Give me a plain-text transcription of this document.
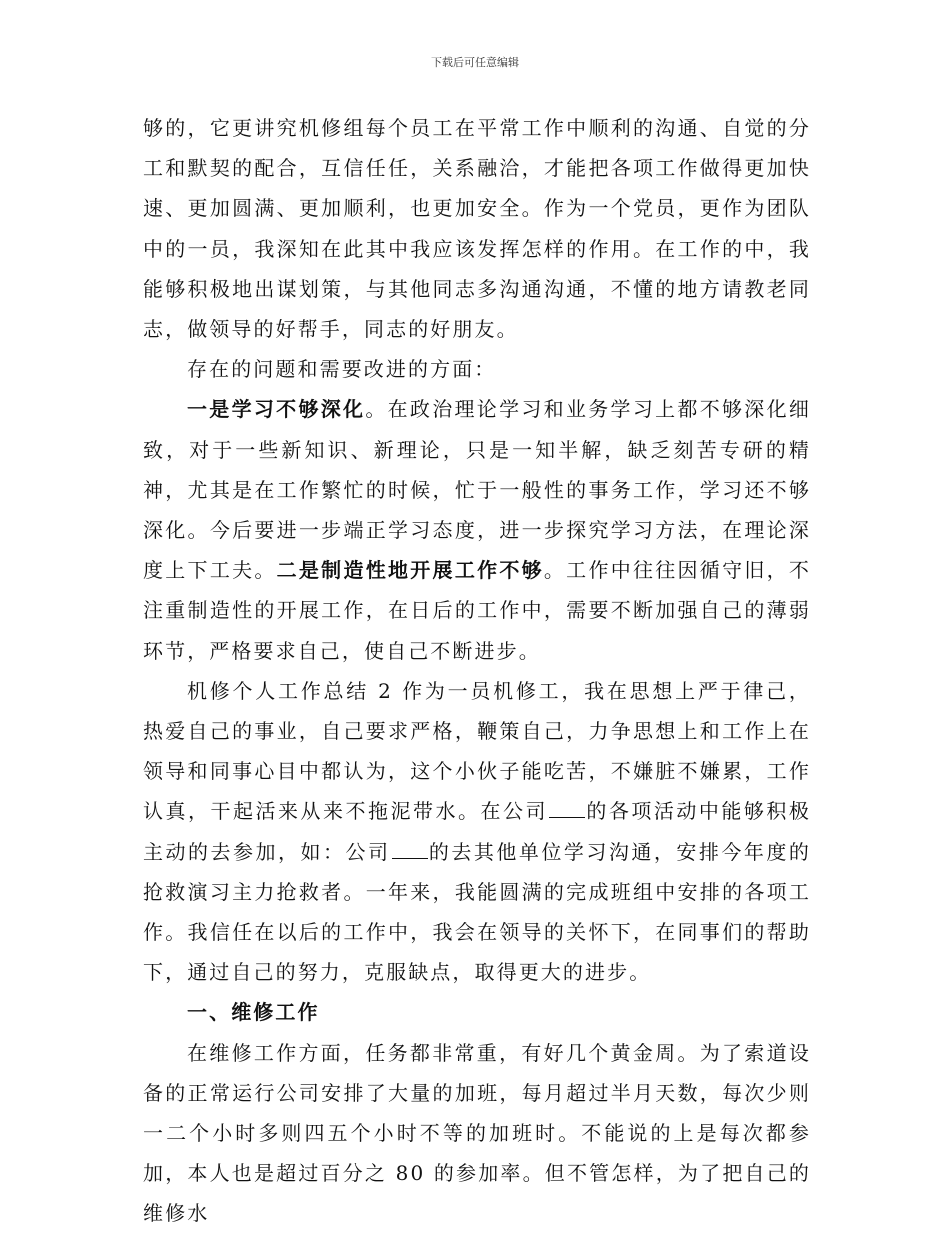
下载后可任意编辑

够的，它更讲究机修组每个员工在平常工作中顺利的沟通、自觉的分工和默契的配合，互信任任，关系融洽，才能把各项工作做得更加快速、更加圆满、更加顺利，也更加安全。作为一个党员，更作为团队中的一员，我深知在此其中我应该发挥怎样的作用。在工作的中，我能够积极地出谋划策，与其他同志多沟通沟通，不懂的地方请教老同志，做领导的好帮手，同志的好朋友。

存在的问题和需要改进的方面：

一是学习不够深化。在政治理论学习和业务学习上都不够深化细致，对于一些新知识、新理论，只是一知半解，缺乏刻苦专研的精神，尤其是在工作繁忙的时候，忙于一般性的事务工作，学习还不够深化。今后要进一步端正学习态度，进一步探究学习方法，在理论深度上下工夫。二是制造性地开展工作不够。工作中往往因循守旧，不注重制造性的开展工作，在日后的工作中，需要不断加强自己的薄弱环节，严格要求自己，使自己不断进步。

机修个人工作总结 2 作为一员机修工，我在思想上严于律己，热爱自己的事业，自己要求严格，鞭策自己，力争思想上和工作上在领导和同事心目中都认为，这个小伙子能吃苦，不嫌脏不嫌累，工作认真，干起活来从来不拖泥带水。在公司 的各项活动中能够积极主动的去参加，如：公司 的去其他单位学习沟通，安排今年度的抢救演习主力抢救者。一年来，我能圆满的完成班组中安排的各项工作。我信任在以后的工作中，我会在领导的关怀下，在同事们的帮助下，通过自己的努力，克服缺点，取得更大的进步。

一、维修工作

在维修工作方面，任务都非常重，有好几个黄金周。为了索道设备的正常运行公司安排了大量的加班，每月超过半月天数，每次少则一二个小时多则四五个小时不等的加班时。不能说的上是每次都参加，本人也是超过百分之 80 的参加率。但不管怎样，为了把自己的维修水
